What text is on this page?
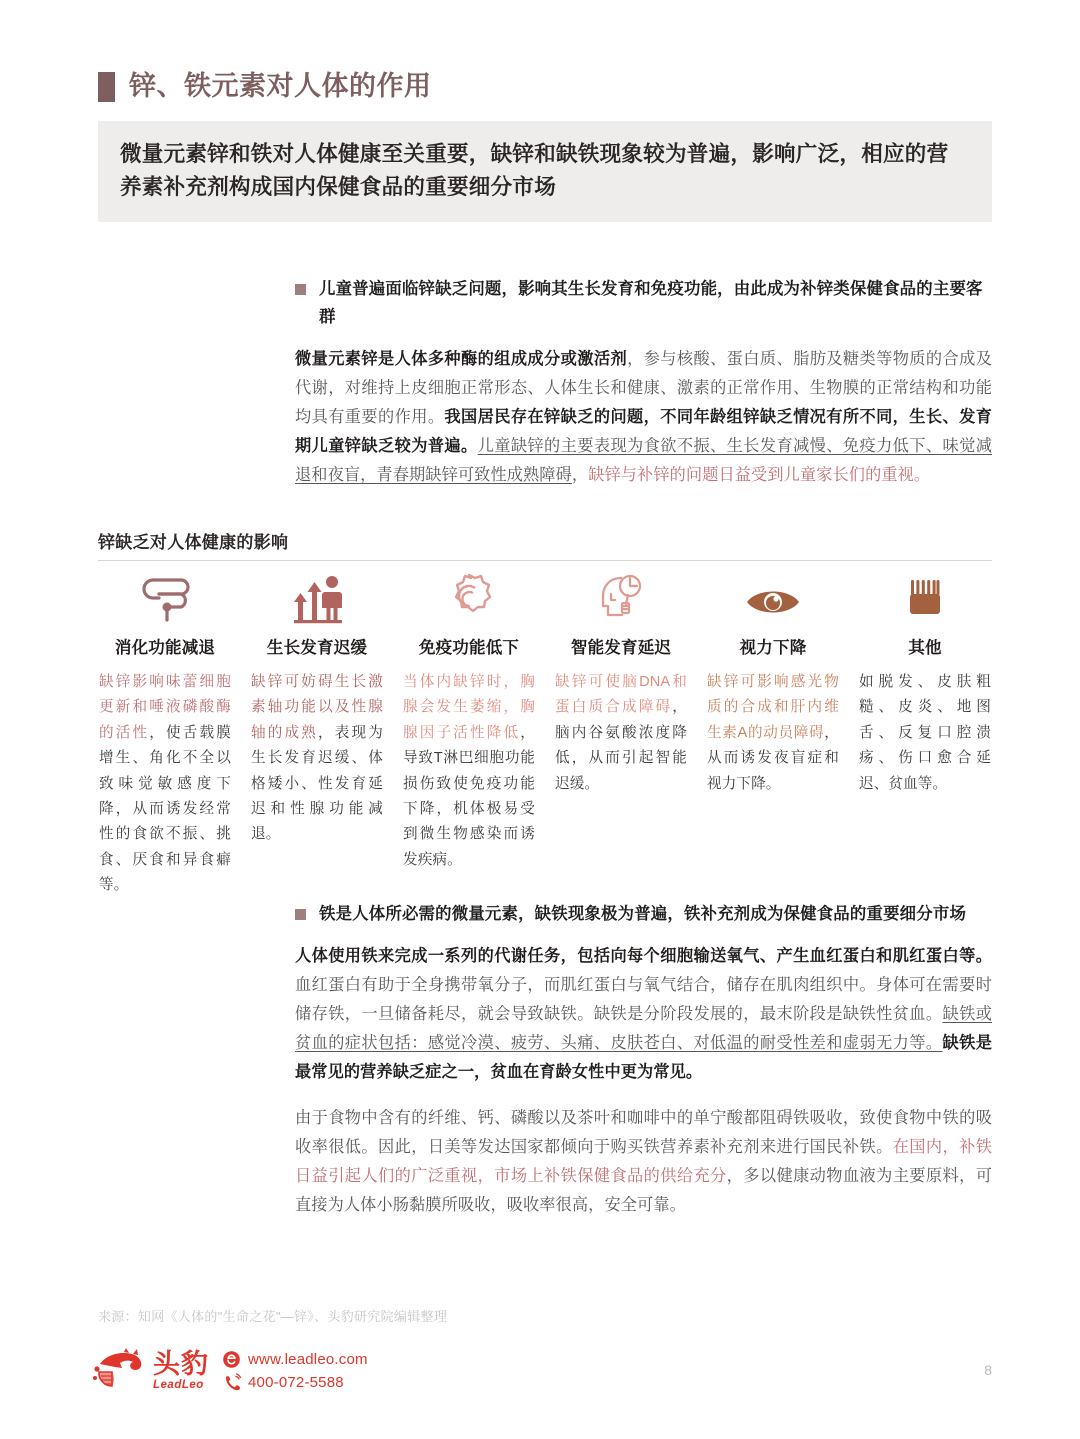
锌、铁元素对人体的作用
微量元素锌和铁对人体健康至关重要，缺锌和缺铁现象较为普遍，影响广泛，相应的营养素补充剂构成国内保健食品的重要细分市场
儿童普遍面临锌缺乏问题，影响其生长发育和免疫功能，由此成为补锌类保健食品的主要客群
微量元素锌是人体多种酶的组成成分或激活剂，参与核酸、蛋白质、脂肪及糖类等物质的合成及代谢，对维持上皮细胞正常形态、人体生长和健康、激素的正常作用、生物膜的正常结构和功能均具有重要的作用。我国居民存在锌缺乏的问题，不同年龄组锌缺乏情况有所不同，生长、发育期儿童锌缺乏较为普遍。儿童缺锌的主要表现为食欲不振、生长发育减慢、免疫力低下、味觉减退和夜盲，青春期缺锌可致性成熟障碍，缺锌与补锌的问题日益受到儿童家长们的重视。
锌缺乏对人体健康的影响
消化功能减退
缺锌影响味蕾细胞更新和唾液磷酸酶的活性，使舌载膜增生、角化不全以致味觉敏感度下降，从而诱发经常性的食欲不振、挑食、厌食和异食癖等。
生长发育迟缓
缺锌可妨碍生长激素轴功能以及性腺轴的成熟，表现为生长发育迟缓、体格矮小、性发育延迟和性腺功能减退。
免疫功能低下
当体内缺锌时，胸腺会发生萎缩，胸腺因子活性降低，导致T淋巴细胞功能损伤致使免疫功能下降，机体极易受到微生物感染而诱发疾病。
智能发育延迟
缺锌可使脑DNA和蛋白质合成障碍，脑内谷氨酸浓度降低，从而引起智能迟缓。
视力下降
缺锌可影响感光物质的合成和肝内维生素A的动员障碍，从而诱发夜盲症和视力下降。
其他
如脱发、皮肤粗糙、皮炎、地图舌、反复口腔溃疡、伤口愈合延迟、贫血等。
铁是人体所必需的微量元素，缺铁现象极为普遍，铁补充剂成为保健食品的重要细分市场
人体使用铁来完成一系列的代谢任务，包括向每个细胞输送氧气、产生血红蛋白和肌红蛋白等。血红蛋白有助于全身携带氧分子，而肌红蛋白与氧气结合，储存在肌肉组织中。身体可在需要时储存铁，一旦储备耗尽，就会导致缺铁。缺铁是分阶段发展的，最末阶段是缺铁性贫血。缺铁或贫血的症状包括：感觉冷漠、疲劳、头痛、皮肤苍白、对低温的耐受性差和虚弱无力等。缺铁是最常见的营养缺乏症之一，贫血在育龄女性中更为常见。
由于食物中含有的纤维、钙、磷酸以及茶叶和咖啡中的单宁酸都阻碍铁吸收，致使食物中铁的吸收率很低。因此，日美等发达国家都倾向于购买铁营养素补充剂来进行国民补铁。在国内，补铁日益引起人们的广泛重视，市场上补铁保健食品的供给充分，多以健康动物血液为主要原料，可直接为人体小肠黏膜所吸收，吸收率很高，安全可靠。
来源：知网《人体的"生命之花"—锌》、头豹研究院编辑整理
头豹
LeadLeo
www.leadleo.com
400-072-5588
8
